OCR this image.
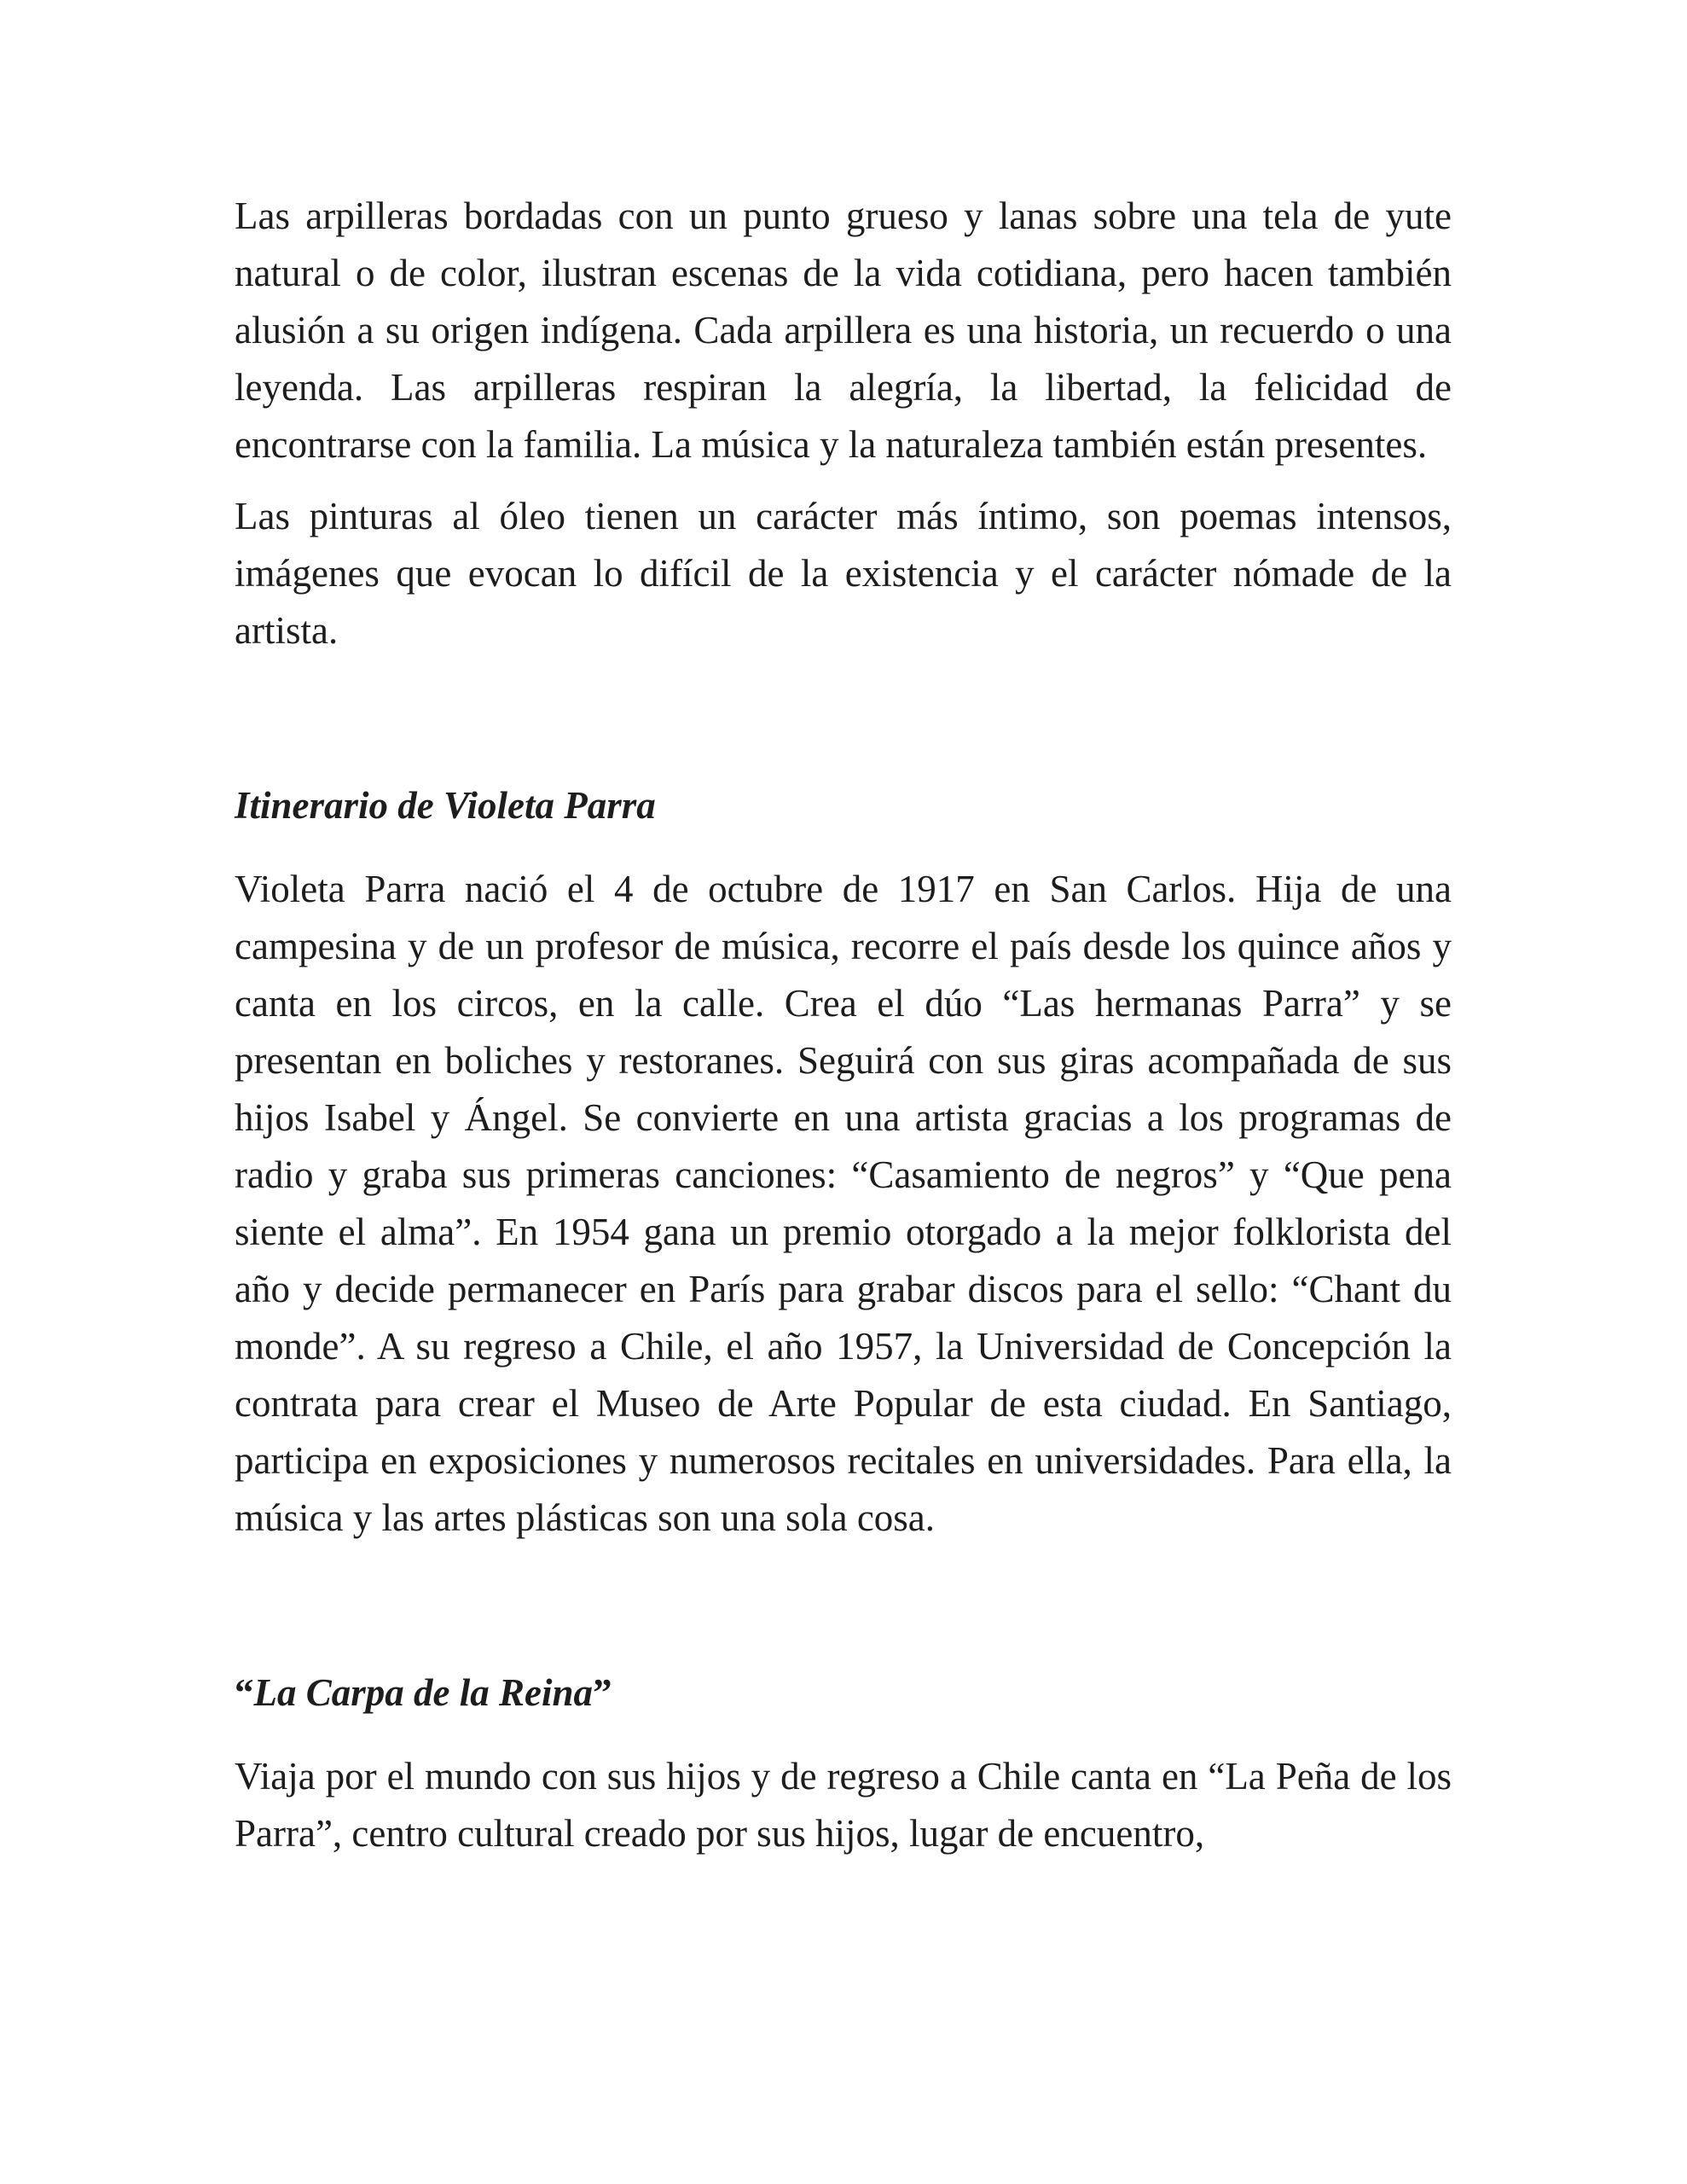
Las arpilleras bordadas con un punto grueso y lanas sobre una tela de yute natural o de color, ilustran escenas de la vida cotidiana, pero hacen también alusión a su origen indígena. Cada arpillera es una historia, un recuerdo o una leyenda. Las arpilleras respiran la alegría, la libertad, la felicidad de encontrarse con la familia. La música y la naturaleza también están presentes.

Las pinturas al óleo tienen un carácter más íntimo, son poemas intensos, imágenes que evocan lo difícil de la existencia y el carácter nómade de la artista.

Itinerario de Violeta Parra

Violeta Parra nació el 4 de octubre de 1917 en San Carlos. Hija de una campesina y de un profesor de música, recorre el país desde los quince años y canta en los circos, en la calle. Crea el dúo “Las hermanas Parra” y se presentan en boliches y restoranes. Seguirá con sus giras acompañada de sus hijos Isabel y Ángel. Se convierte en una artista gracias a los programas de radio y graba sus primeras canciones: “Casamiento de negros” y “Que pena siente el alma”. En 1954 gana un premio otorgado a la mejor folklorista del año y decide permanecer en París para grabar discos para el sello: “Chant du monde”. A su regreso a Chile, el año 1957, la Universidad de Concepción la contrata para crear el Museo de Arte Popular de esta ciudad. En Santiago, participa en exposiciones y numerosos recitales en universidades. Para ella, la música y las artes plásticas son una sola cosa.

“La Carpa de la Reina”

Viaja por el mundo con sus hijos y de regreso a Chile canta en “La Peña de los Parra”, centro cultural creado por sus hijos, lugar de encuentro,
